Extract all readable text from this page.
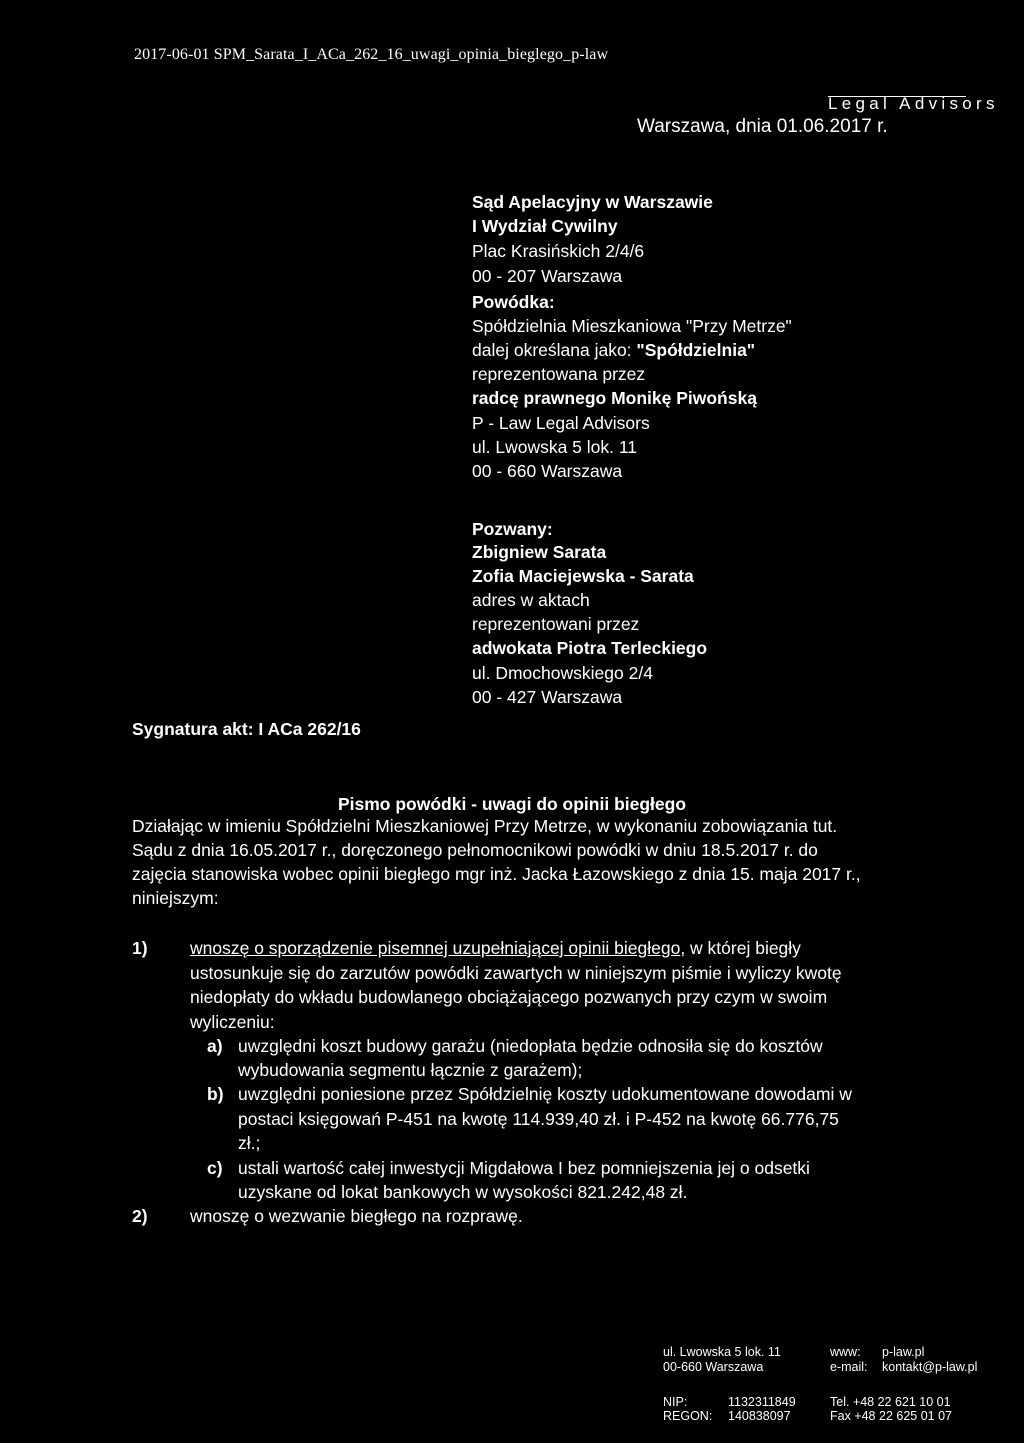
2017-06-01 SPM_Sarata_I_ACa_262_16_uwagi_opinia_bieglego_p-law
Legal Advisors
Warszawa, dnia 01.06.2017 r.
Sąd Apelacyjny w Warszawie
I Wydział Cywilny
Plac Krasińskich 2/4/6
00 - 207 Warszawa
Powódka:
Spółdzielnia Mieszkaniowa "Przy Metrze"
dalej określana jako: "Spółdzielnia"
reprezentowana przez
radcę prawnego Monikę Piwońską
P - Law Legal Advisors
ul. Lwowska 5 lok. 11
00 - 660 Warszawa
Pozwany:
Zbigniew Sarata
Zofia Maciejewska - Sarata
adres w aktach
reprezentowani przez
adwokata Piotra Terleckiego
ul. Dmochowskiego 2/4
00 - 427 Warszawa
Sygnatura akt: I ACa 262/16
Pismo powódki - uwagi do opinii biegłego
Działając w imieniu Spółdzielni Mieszkaniowej Przy Metrze, w wykonaniu zobowiązania tut.
Sądu z dnia 16.05.2017 r., doręczonego pełnomocnikowi powódki w dniu 18.5.2017 r. do
zajęcia stanowiska wobec opinii biegłego mgr inż. Jacka Łazowskiego z dnia 15. maja 2017 r.,
niniejszym:
1) wnoszę o sporządzenie pisemnej uzupełniającej opinii biegłego, w której biegły
ustosunkuje się do zarzutów powódki zawartych w niniejszym piśmie i wyliczy kwotę
niedopłaty do wkładu budowlanego obciążającego pozwanych przy czym w swoim
wyliczeniu:
a) uwzględni koszt budowy garażu (niedopłata będzie odnosiła się do kosztów
wybudowania segmentu łącznie z garażem);
b) uwzględni poniesione przez Spółdzielnię koszty udokumentowane dowodami w
postaci księgowań P-451 na kwotę 114.939,40 zł. i P-452 na kwotę 66.776,75
zł.;
c) ustali wartość całej inwestycji Migdałowa I bez pomniejszenia jej o odsetki
uzyskane od lokat bankowych w wysokości 821.242,48 zł.
2) wnoszę o wezwanie biegłego na rozprawę.
ul. Lwowska 5 lok. 11
00-660 Warszawa
NIP:	1132311849
REGON: 140838097
www: p-law.pl
e-mail: kontakt@p-law.pl
Tel. +48 22 621 10 01
Fax +48 22 625 01 07
